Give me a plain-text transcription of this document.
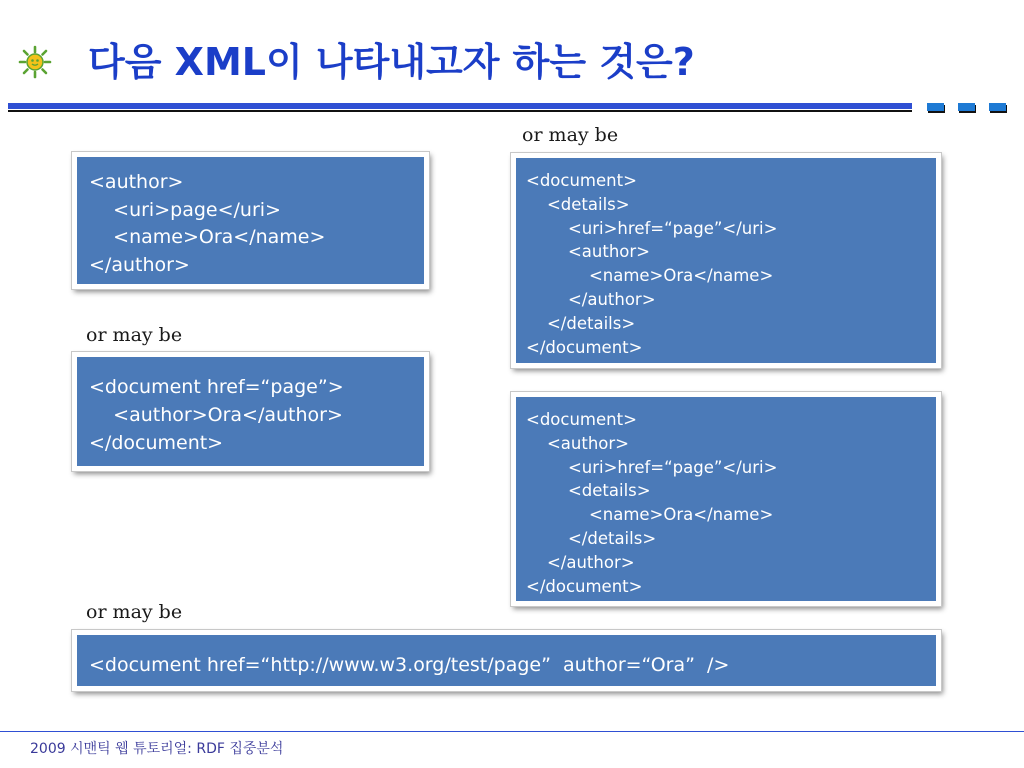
다음 XML이 나타내고자 하는 것은?

or may be

or may be

or may be

<author>
<uri>page</uri>
<name>Ora</name>
</author>
<document href=“page”>
<author>Ora</author>
</document>
<document>
<details>
<uri>href=“page”</uri>
<author>
<name>Ora</name>
</author>
</details>
</document>
<document>
<author>
<uri>href=“page”</uri>
<details>
<name>Ora</name>
</details>
</author>
</document>
<document href=“http://www.w3.org/test/page”  author=“Ora”  />

2009 시맨틱 웹 튜토리얼: RDF 집중분석
